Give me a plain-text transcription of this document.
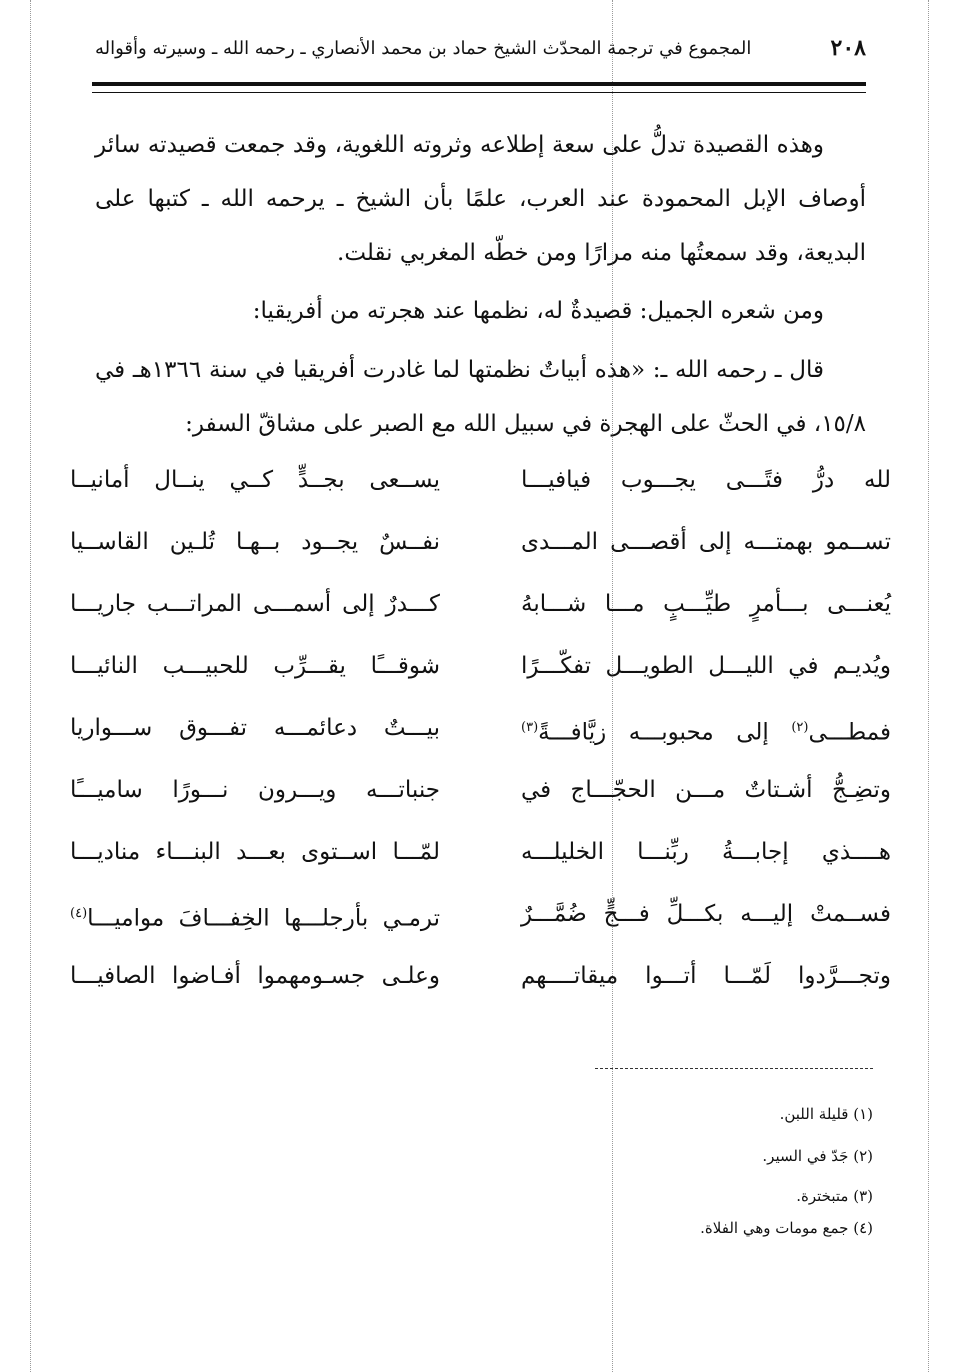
٢٠٨
المجموع في ترجمة المحدّث الشيخ حماد بن محمد الأنصاري ـ رحمه الله ـ وسيرته وأقواله

وهذه القصيدة تدلُّ على سعة إطلاعه وثروته اللغوية، وقد جمعت قصيدته سائر أوصاف الإبل المحمودة عند العرب، علمًا بأن الشيخ ـ يرحمه الله ـ كتبها على البديعة، وقد سمعتُها منه مرارًا ومن خطّه المغربي نقلت.

ومن شعره الجميل: قصيدةٌ له، نظمها عند هجرته من أفريقيا:

قال ـ رحمه الله ـ: «هذه أبياتٌ نظمتها لما غادرت أفريقيا في سنة ١٣٦٦هـ في ١٥/٨، في الحثّ على الهجرة في سبيل الله مع الصبر على مشاقّ السفر:

لله درُّ فتًـــى يجـــوب فيافيـــا
يســعى بجــدٍّ كــي ينــال أمانيــا
تســمو بهمتـــه إلى أقصـــى المـــدى
نفــسٌ يجــود بــهـا تُلـين القاســيا
يُعنـــى بـــأمرٍ طيِّـــبٍ مـــا شـــابهُ
كـــدرٌ إلى أسمـــى المراتـــب جاريـــا
ويُديـم في الليـــل الطويـــل تفكّـــرًا
شوقـــًا يقـــرِّب للحبيـــب النائيـــا
فمطـــى$^{(٢)}$ إلى محبوبـــه زيَّافـــةً$^{(٣)}$
بيـــتٌ دعائمـــه تفـــوق ســـواريا
وتضِـجُّ أشـتاتٌ مـــن الحجّـــاج في
جنباتـــه ويـــرون نـــورًا ساميـــًا
هــــذي إجابـــةُ ربِّنـــا الخليلـــه
لمّـــا اســتوى بعـــد البنـــاء مناديـــا
فســمتْ إليـــه بكـــلِّ فـــجٍّ ضُمَّـــرٌ
ترمـي بأرجلـــها الخِفـــافَ مواميـــا$^{(٤)}$
وتجـــرَّدوا لَمّـــا أتـــوا ميقاتــــهم
وعلـى جسـومهموا أفـاضوا الصافيـــا
(١) قليلة اللبن.
(٢) جَدّ في السير.
(٣) متبخترة.
(٤) جمع مومات وهي الفلاة.
